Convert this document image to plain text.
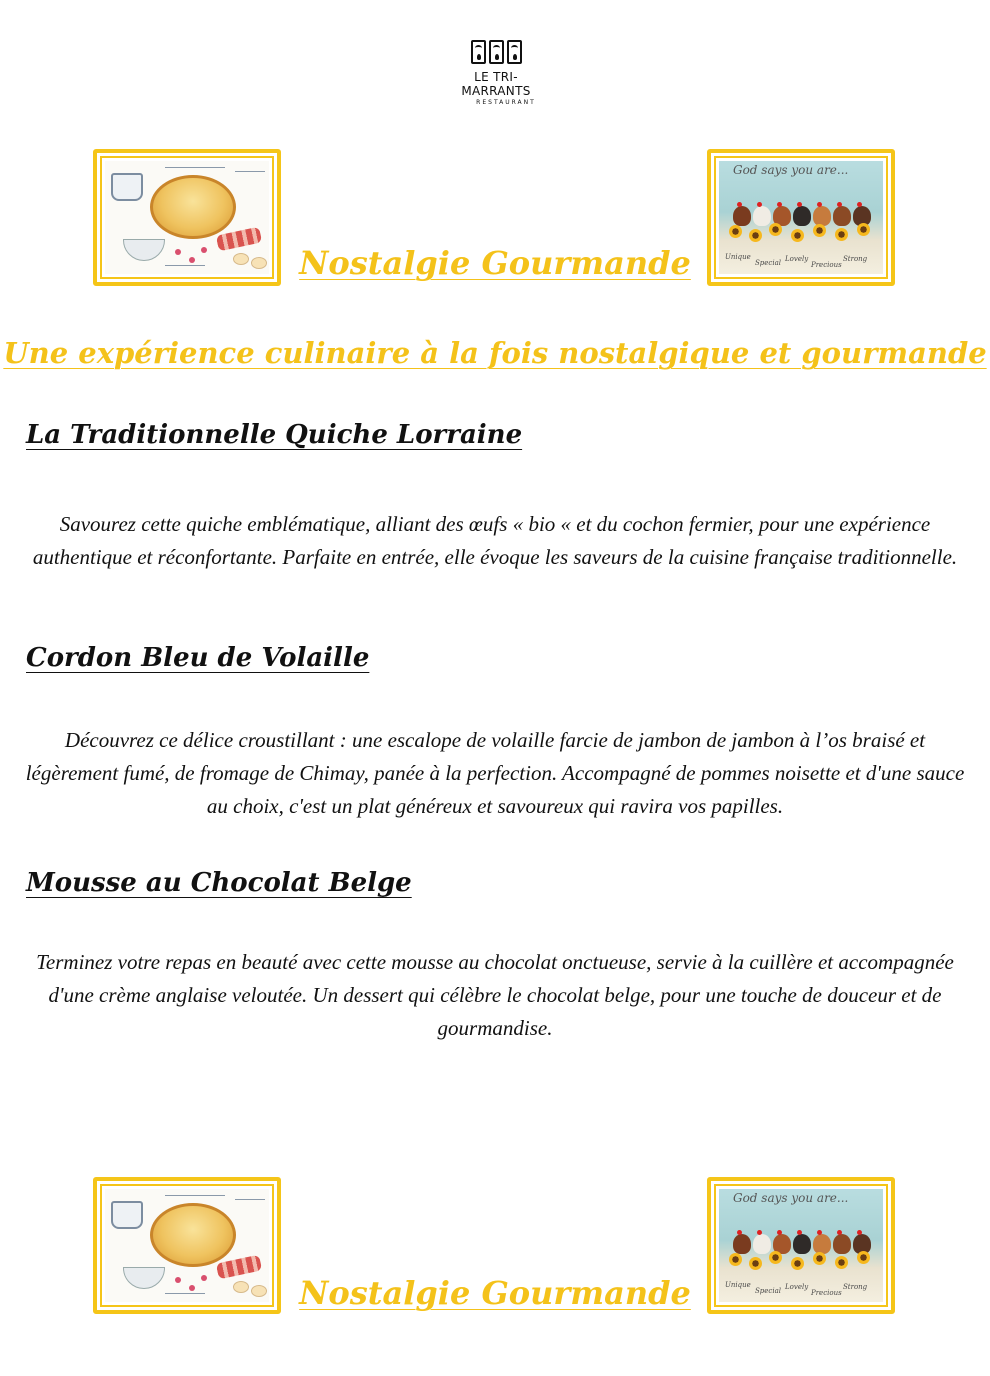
LE TRI-MARRANTS
RESTAURANT
God says you are...
Unique
Special Lovely
Precious
Strong
Nostalgie Gourmande
Une expérience culinaire à la fois nostalgique et gourmande
La Traditionnelle Quiche Lorraine

Savourez cette quiche emblématique, alliant des œufs « bio « et du cochon fermier, pour une expérience authentique et réconfortante. Parfaite en entrée, elle évoque les saveurs de la cuisine française traditionnelle.

Cordon Bleu de Volaille

Découvrez ce délice croustillant : une escalope de volaille farcie de jambon de jambon à l’os braisé et légèrement fumé, de fromage de Chimay, panée à la perfection. Accompagné de pommes noisette et d'une sauce au choix, c'est un plat généreux et savoureux qui ravira vos papilles.

Mousse au Chocolat Belge

Terminez votre repas en beauté avec cette mousse au chocolat onctueuse, servie à la cuillère et accompagnée d'une crème anglaise veloutée. Un dessert qui célèbre le chocolat belge, pour une touche de douceur et de gourmandise.

God says you are...
Unique
Special Lovely
Precious
Strong
Nostalgie Gourmande
